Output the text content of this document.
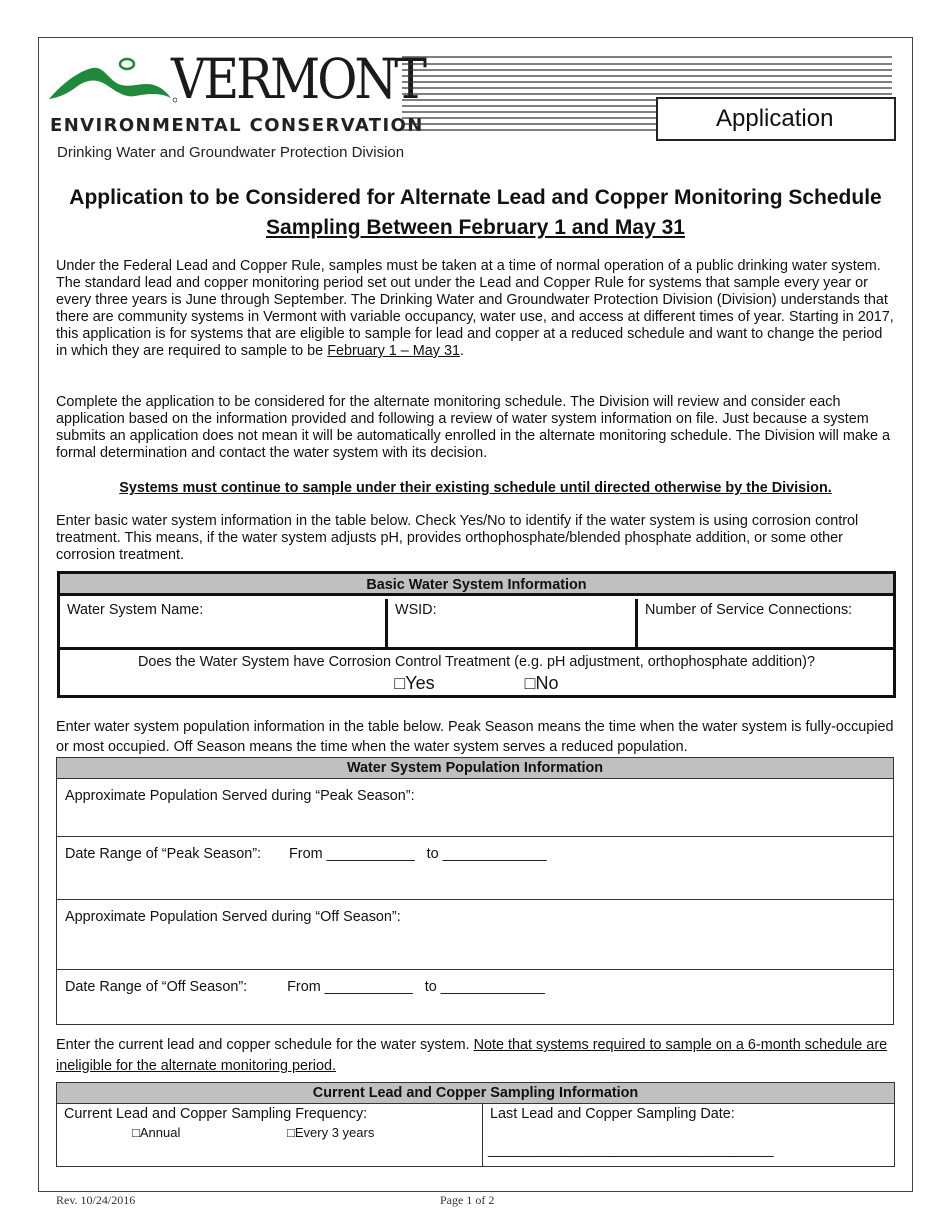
VERMONT
ENVIRONMENTAL CONSERVATION
Drinking Water and Groundwater Protection Division
Application
Application to be Considered for Alternate Lead and Copper Monitoring Schedule
Sampling Between February 1 and May 31
Under the Federal Lead and Copper Rule, samples must be taken at a time of normal operation of a public drinking water system. The standard lead and copper monitoring period set out under the Lead and Copper Rule for systems that sample every year or every three years is June through September. The Drinking Water and Groundwater Protection Division (Division) understands that there are community systems in Vermont with variable occupancy, water use, and access at different times of year. Starting in 2017, this application is for systems that are eligible to sample for lead and copper at a reduced schedule and want to change the period in which they are required to sample to be February 1 – May 31.
Complete the application to be considered for the alternate monitoring schedule. The Division will review and consider each application based on the information provided and following a review of water system information on file. Just because a system submits an application does not mean it will be automatically enrolled in the alternate monitoring schedule. The Division will make a formal determination and contact the water system with its decision.
Systems must continue to sample under their existing schedule until directed otherwise by the Division.
Enter basic water system information in the table below. Check Yes/No to identify if the water system is using corrosion control treatment. This means, if the water system adjusts pH, provides orthophosphate/blended phosphate addition, or some other corrosion treatment.
Basic Water System Information
Water System Name:	WSID:	Number of Service Connections:
Does the Water System have Corrosion Control Treatment (e.g. pH adjustment, orthophosphate addition)?
□Yes	□No
Enter water system population information in the table below. Peak Season means the time when the water system is fully-occupied or most occupied. Off Season means the time when the water system serves a reduced population.
Water System Population Information
Approximate Population Served during “Peak Season”:
Date Range of “Peak Season”: From ___________ to _____________
Approximate Population Served during “Off Season”:
Date Range of “Off Season”:	From ___________ to _____________
Enter the current lead and copper schedule for the water system. Note that systems required to sample on a 6-month schedule are ineligible for the alternate monitoring period.
Current Lead and Copper Sampling Information
Current Lead and Copper Sampling Frequency:
□Annual	□Every 3 years
Last Lead and Copper Sampling Date:
______________________________________
Rev. 10/24/2016	Page 1 of 2
